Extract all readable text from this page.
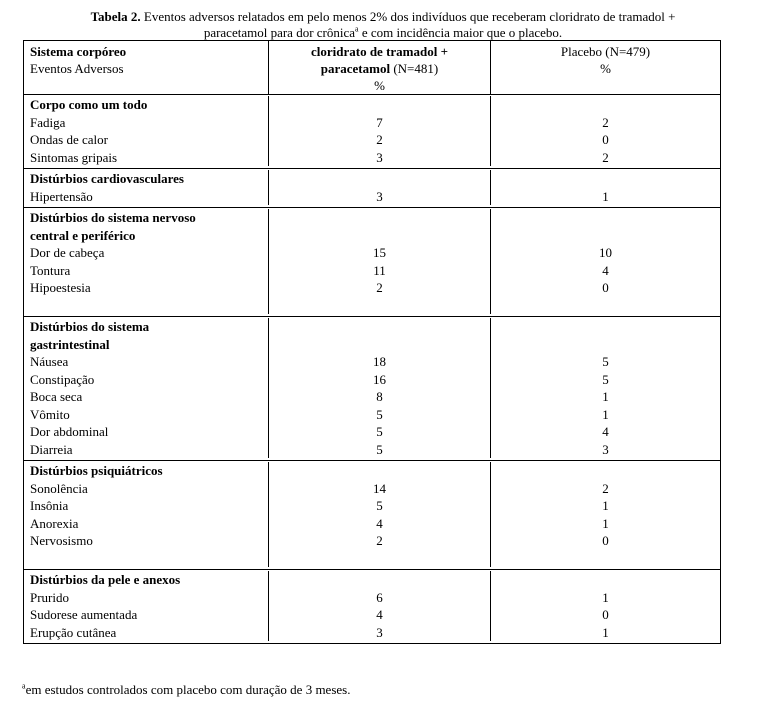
Tabela 2. Eventos adversos relatados em pelo menos 2% dos indivíduos que receberam cloridrato de tramadol +
paracetamol para dor crônica$^a$ e com incidência maior que o placebo.
Sistema corpóreo
Eventos Adversos
cloridrato de tramadol +
paracetamol (N=481)
%
Placebo (N=479)
%
Corpo como um todo
Fadiga
Ondas de calor
Sintomas gripais

7
2
3

2
0
2
Distúrbios cardiovasculares
Hipertensão
	3
	1
Distúrbios do sistema nervoso
central e periférico
Dor de cabeça
Tontura
Hipoestesia

15
11
2

10
4
0

Distúrbios do sistema
gastrintestinal
Náusea
Constipação
Boca seca
Vômito
Dor abdominal
Diarreia

18
16
8
5
5
5

5
5
1
1
4
3
Distúrbios psiquiátricos
Sonolência
Insônia
Anorexia
Nervosismo

14
5
4
2

2
1
1
0

Distúrbios da pele e anexos
Prurido
Sudorese aumentada
Erupção cutânea

6
4
3

1
0
1
$^a$em estudos controlados com placebo com duração de 3 meses.
